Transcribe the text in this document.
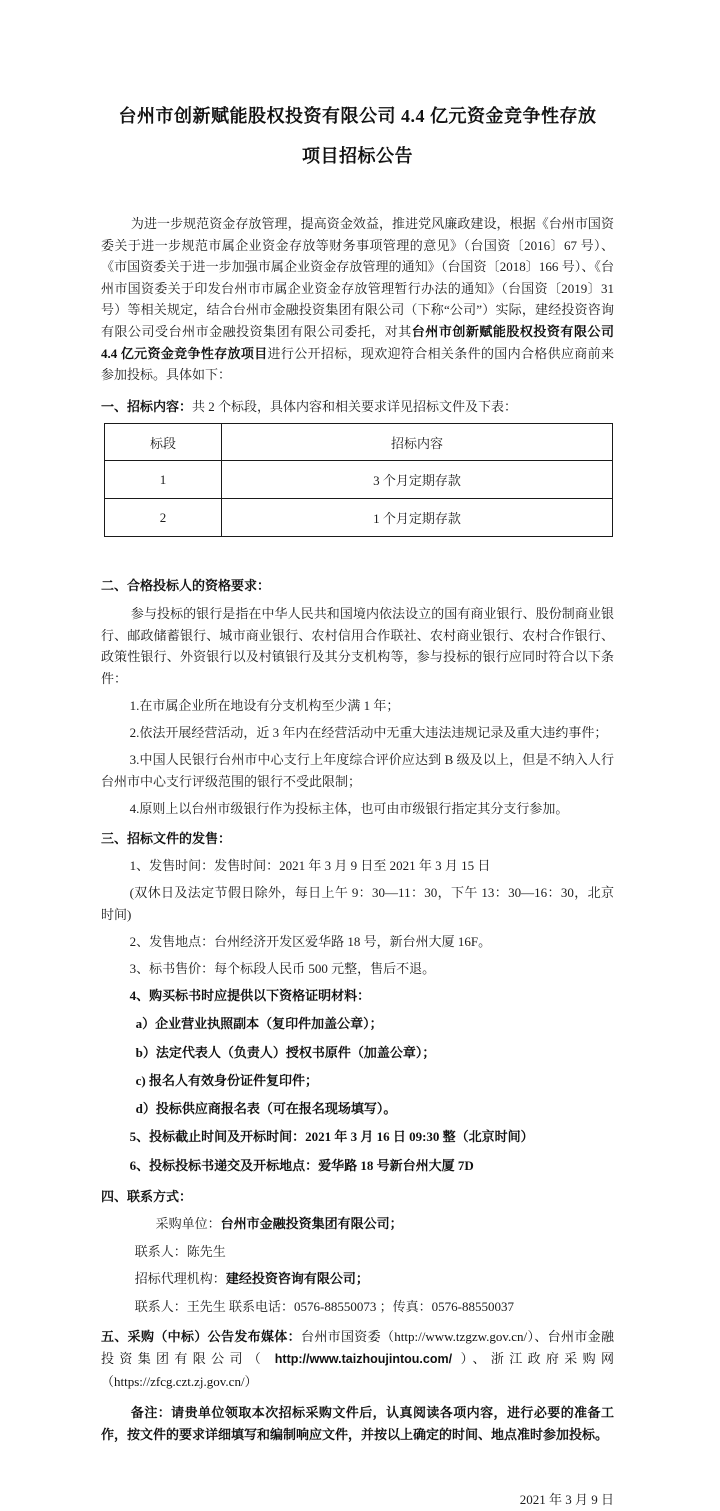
台州市创新赋能股权投资有限公司 4.4 亿元资金竞争性存放
项目招标公告

为进一步规范资金存放管理，提高资金效益，推进党风廉政建设，根据《台州市国资委关于进一步规范市属企业资金存放等财务事项管理的意见》（台国资〔2016〕67 号）、《市国资委关于进一步加强市属企业资金存放管理的通知》（台国资〔2018〕166 号）、《台州市国资委关于印发台州市市属企业资金存放管理暂行办法的通知》（台国资〔2019〕31 号）等相关规定，结合台州市金融投资集团有限公司（下称“公司”）实际，建经投资咨询有限公司受台州市金融投资集团有限公司委托，对其台州市创新赋能股权投资有限公司 4.4 亿元资金竞争性存放项目进行公开招标，现欢迎符合相关条件的国内合格供应商前来参加投标。具体如下：

一、招标内容：共 2 个标段，具体内容和相关要求详见招标文件及下表：

标段	招标内容
1	3 个月定期存款
2	1 个月定期存款

二、合格投标人的资格要求：

参与投标的银行是指在中华人民共和国境内依法设立的国有商业银行、股份制商业银行、邮政储蓄银行、城市商业银行、农村信用合作联社、农村商业银行、农村合作银行、政策性银行、外资银行以及村镇银行及其分支机构等，参与投标的银行应同时符合以下条件：

1.在市属企业所在地设有分支机构至少满 1 年；

2.依法开展经营活动，近 3 年内在经营活动中无重大违法违规记录及重大违约事件；

3.中国人民银行台州市中心支行上年度综合评价应达到 B 级及以上，但是不纳入人行台州市中心支行评级范围的银行不受此限制；

4.原则上以台州市级银行作为投标主体，也可由市级银行指定其分支行参加。

三、招标文件的发售：

1、发售时间：发售时间：2021 年 3 月 9 日至 2021 年 3 月 15 日

(双休日及法定节假日除外，每日上午 9：30—11：30，下午 13：30—16：30，北京时间)

2、发售地点：台州经济开发区爱华路 18 号，新台州大厦 16F。

3、标书售价：每个标段人民币 500 元整，售后不退。

4、购买标书时应提供以下资格证明材料：

a）企业营业执照副本（复印件加盖公章）；

b）法定代表人（负责人）授权书原件（加盖公章）；

c) 报名人有效身份证件复印件；

d）投标供应商报名表（可在报名现场填写）。

5、投标截止时间及开标时间：2021 年 3 月 16 日 09:30 整（北京时间）

6、投标投标书递交及开标地点：爱华路 18 号新台州大厦 7D

四、联系方式：

采购单位：台州市金融投资集团有限公司；

联系人：陈先生

招标代理机构：建经投资咨询有限公司；

联系人：王先生 联系电话：0576-88550073 ；传真：0576-88550037

五、采购（中标）公告发布媒体：台州市国资委（http://www.tzgzw.gov.cn/）、台州市金融投资集团有限公司（ http://www.taizhoujintou.com/ ）、浙江政府采购网（https://zfcg.czt.zj.gov.cn/）

备注：请贵单位领取本次招标采购文件后，认真阅读各项内容，进行必要的准备工作，按文件的要求详细填写和编制响应文件，并按以上确定的时间、地点准时参加投标。

2021 年 3 月 9 日
